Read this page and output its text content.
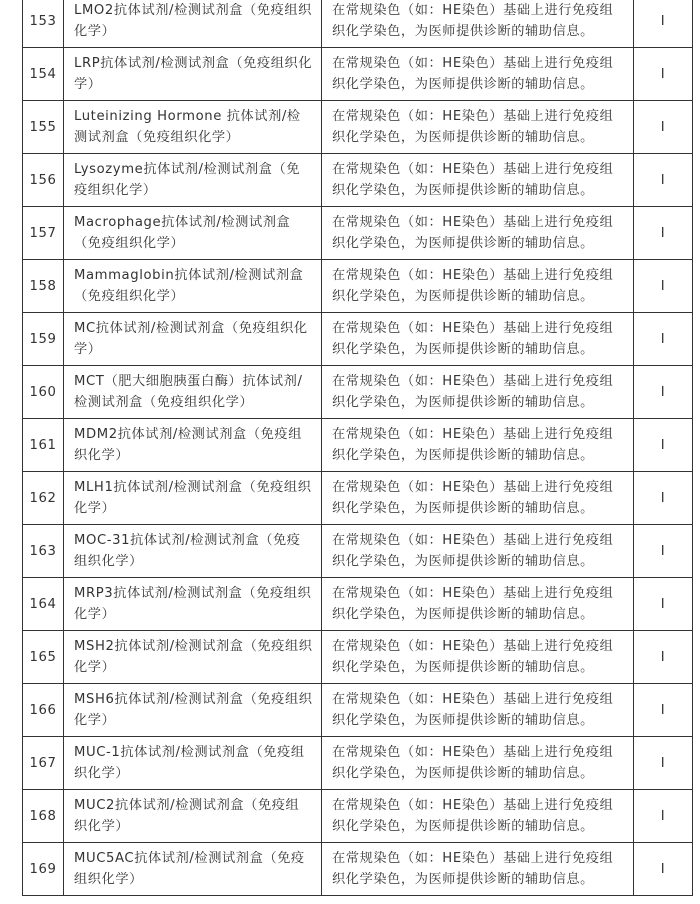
153	LMO2抗体试剂/检测试剂盒（免疫组织化学）	在常规染色（如：HE染色）基础上进行免疫组织化学染色，为医师提供诊断的辅助信息。	I

154	LRP抗体试剂/检测试剂盒（免疫组织化学）	在常规染色（如：HE染色）基础上进行免疫组织化学染色，为医师提供诊断的辅助信息。	I

155	Luteinizing Hormone 抗体试剂/检测试剂盒（免疫组织化学）	在常规染色（如：HE染色）基础上进行免疫组织化学染色，为医师提供诊断的辅助信息。	I

156	Lysozyme抗体试剂/检测试剂盒（免疫组织化学）	在常规染色（如：HE染色）基础上进行免疫组织化学染色，为医师提供诊断的辅助信息。	I

157	Macrophage抗体试剂/检测试剂盒（免疫组织化学）	在常规染色（如：HE染色）基础上进行免疫组织化学染色，为医师提供诊断的辅助信息。	I

158	Mammaglobin抗体试剂/检测试剂盒（免疫组织化学）	在常规染色（如：HE染色）基础上进行免疫组织化学染色，为医师提供诊断的辅助信息。	I

159	MC抗体试剂/检测试剂盒（免疫组织化学）	在常规染色（如：HE染色）基础上进行免疫组织化学染色，为医师提供诊断的辅助信息。	I

160	MCT（肥大细胞胰蛋白酶）抗体试剂/检测试剂盒（免疫组织化学）	在常规染色（如：HE染色）基础上进行免疫组织化学染色，为医师提供诊断的辅助信息。	I

161	MDM2抗体试剂/检测试剂盒（免疫组织化学）	在常规染色（如：HE染色）基础上进行免疫组织化学染色，为医师提供诊断的辅助信息。	I

162	MLH1抗体试剂/检测试剂盒（免疫组织化学）	在常规染色（如：HE染色）基础上进行免疫组织化学染色，为医师提供诊断的辅助信息。	I

163	MOC-31抗体试剂/检测试剂盒（免疫组织化学）	在常规染色（如：HE染色）基础上进行免疫组织化学染色，为医师提供诊断的辅助信息。	I

164	MRP3抗体试剂/检测试剂盒（免疫组织化学）	在常规染色（如：HE染色）基础上进行免疫组织化学染色，为医师提供诊断的辅助信息。	I

165	MSH2抗体试剂/检测试剂盒（免疫组织化学）	在常规染色（如：HE染色）基础上进行免疫组织化学染色，为医师提供诊断的辅助信息。	I

166	MSH6抗体试剂/检测试剂盒（免疫组织化学）	在常规染色（如：HE染色）基础上进行免疫组织化学染色，为医师提供诊断的辅助信息。	I

167	MUC-1抗体试剂/检测试剂盒（免疫组织化学）	在常规染色（如：HE染色）基础上进行免疫组织化学染色，为医师提供诊断的辅助信息。	I

168	MUC2抗体试剂/检测试剂盒（免疫组织化学）	在常规染色（如：HE染色）基础上进行免疫组织化学染色，为医师提供诊断的辅助信息。	I

169	MUC5AC抗体试剂/检测试剂盒（免疫组织化学）	在常规染色（如：HE染色）基础上进行免疫组织化学染色，为医师提供诊断的辅助信息。	I
